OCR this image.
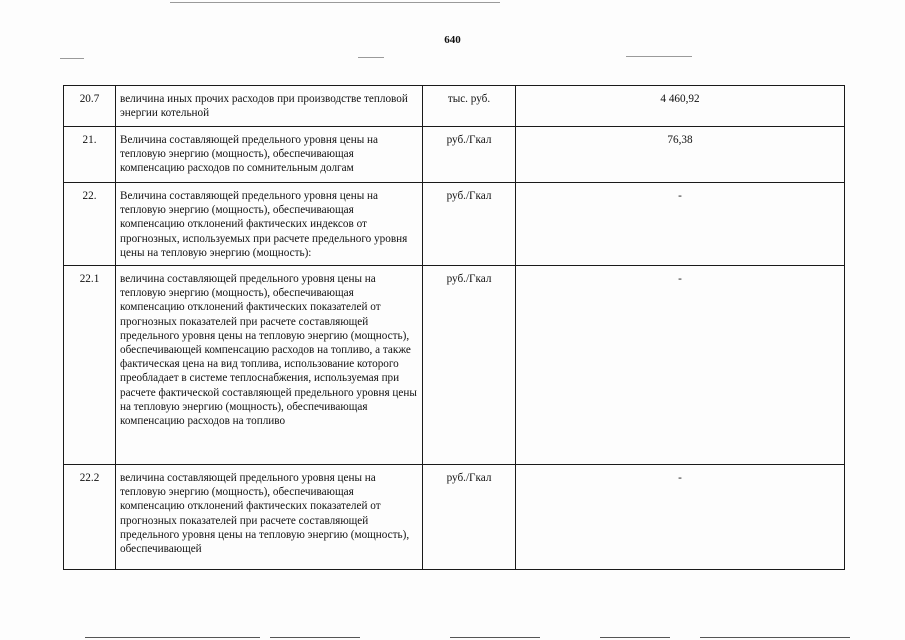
640
20.7	величина иных прочих расходов при производстве тепловой энергии котельной	тыс. руб.	4 460,92
21.	Величина составляющей предельного уровня цены на тепловую энергию (мощность), обеспечивающая компенсацию расходов по сомнительным долгам	руб./Гкал	76,38
22.	Величина составляющей предельного уровня цены на тепловую энергию (мощность), обеспечивающая компенсацию отклонений фактических индексов от прогнозных, используемых при расчете предельного уровня цены на тепловую энергию (мощность):	руб./Гкал	-
22.1	величина составляющей предельного уровня цены на тепловую энергию (мощность), обеспечивающая компенсацию отклонений фактических показателей от прогнозных показателей при расчете составляющей предельного уровня цены на тепловую энергию (мощность), обеспечивающей компенсацию расходов на топливо, а также фактическая цена на вид топлива, использование которого преобладает в системе теплоснабжения, используемая при расчете фактической составляющей предельного уровня цены на тепловую энергию (мощность), обеспечивающая компенсацию расходов на топливо	руб./Гкал	-
22.2	величина составляющей предельного уровня цены на тепловую энергию (мощность), обеспечивающая компенсацию отклонений фактических показателей от прогнозных показателей при расчете составляющей предельного уровня цены на тепловую энергию (мощность), обеспечивающей	руб./Гкал	-
